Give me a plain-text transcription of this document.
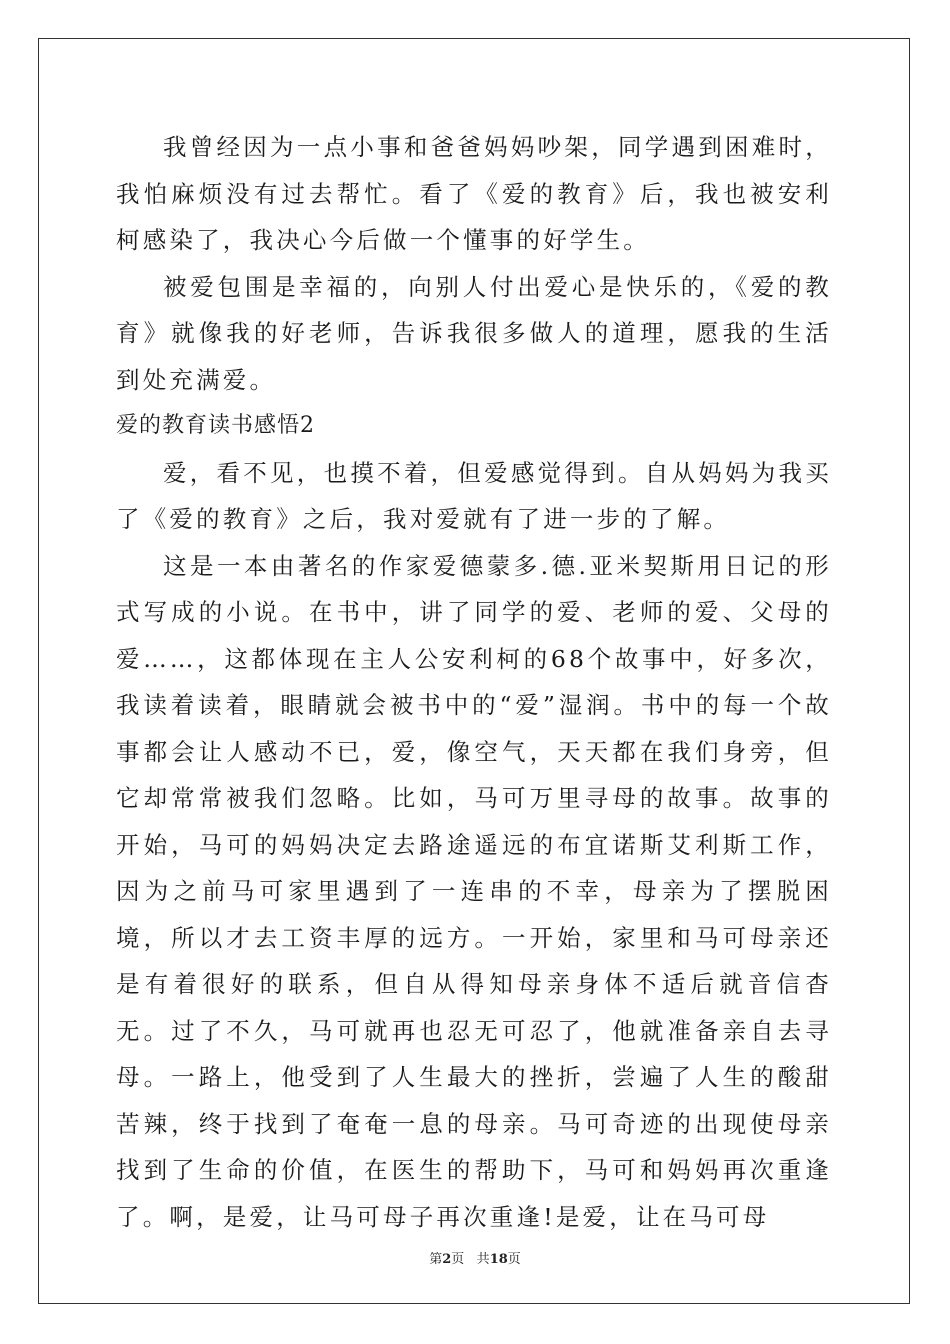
我曾经因为一点小事和爸爸妈妈吵架，同学遇到困难时，我怕麻烦没有过去帮忙。看了《爱的教育》后，我也被安利柯感染了，我决心今后做一个懂事的好学生。

被爱包围是幸福的，向别人付出爱心是快乐的，《爱的教育》就像我的好老师，告诉我很多做人的道理，愿我的生活到处充满爱。

爱的教育读书感悟2

爱，看不见，也摸不着，但爱感觉得到。自从妈妈为我买了《爱的教育》之后，我对爱就有了进一步的了解。

这是一本由著名的作家爱德蒙多.德.亚米契斯用日记的形式写成的小说。在书中，讲了同学的爱、老师的爱、父母的爱……，这都体现在主人公安利柯的68个故事中，好多次，我读着读着，眼睛就会被书中的“爱”湿润。书中的每一个故事都会让人感动不已，爱，像空气，天天都在我们身旁，但它却常常被我们忽略。比如，马可万里寻母的故事。故事的开始，马可的妈妈决定去路途遥远的布宜诺斯艾利斯工作，因为之前马可家里遇到了一连串的不幸，母亲为了摆脱困境，所以才去工资丰厚的远方。一开始，家里和马可母亲还是有着很好的联系，但自从得知母亲身体不适后就音信杳无。过了不久，马可就再也忍无可忍了，他就准备亲自去寻母。一路上，他受到了人生最大的挫折，尝遍了人生的酸甜苦辣，终于找到了奄奄一息的母亲。马可奇迹的出现使母亲找到了生命的价值，在医生的帮助下，马可和妈妈再次重逢了。啊，是爱，让马可母子再次重逢!是爱，让在马可母

第2页 共18页
